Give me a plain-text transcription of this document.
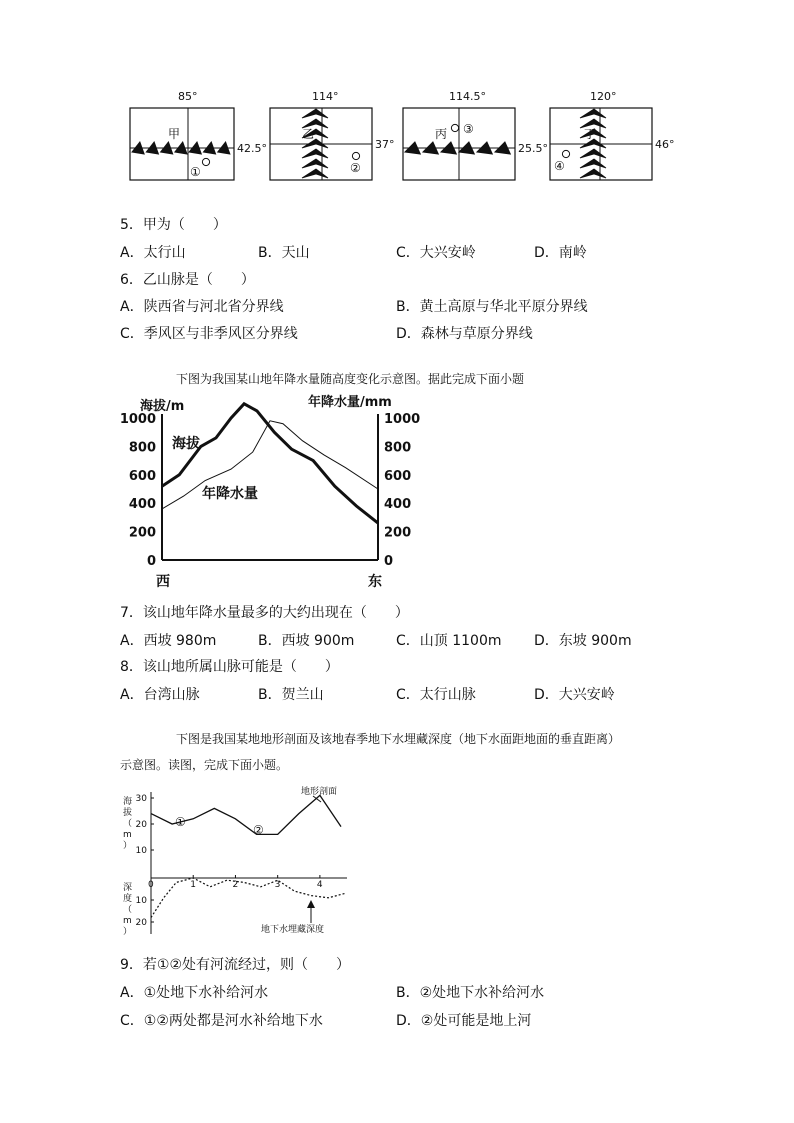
85°
42.5°
甲
①
114°
37°
乙
②
114.5°
25.5°
丙 ③
120°
46°
丁
④
5．甲为（　　）
A．太行山	B．天山	C．大兴安岭	D．南岭
6．乙山脉是（　　）
A．陕西省与河北省分界线	B．黄土高原与华北平原分界线
C．季风区与非季风区分界线	D．森林与草原分界线
下图为我国某山地年降水量随高度变化示意图。据此完成下面小题
0
200
400
600
800
1000
0
200
400
600
800
1000
海拔/m	年降水量/mm
西	东
海拔
年降水量
7．该山地年降水量最多的大约出现在（　　）
A．西坡 980m	B．西坡 900m	C．山顶 1100m D．东坡 900m
8．该山地所属山脉可能是（　　）
A．台湾山脉	B．贺兰山	C．太行山脉	D．大兴安岭
下图是我国某地地形剖面及该地春季地下水埋藏深度（地下水面距地面的垂直距离）
示意图。读图，完成下面小题。
10
20
30
10
20
0	1	2	3	4
海
拔
（
m
）
深
度
（
m
）
①
②
地形剖面
地下水埋藏深度
9．若①②处有河流经过，则（　　）
A．①处地下水补给河水	B．②处地下水补给河水
C．①②两处都是河水补给地下水	D．②处可能是地上河
